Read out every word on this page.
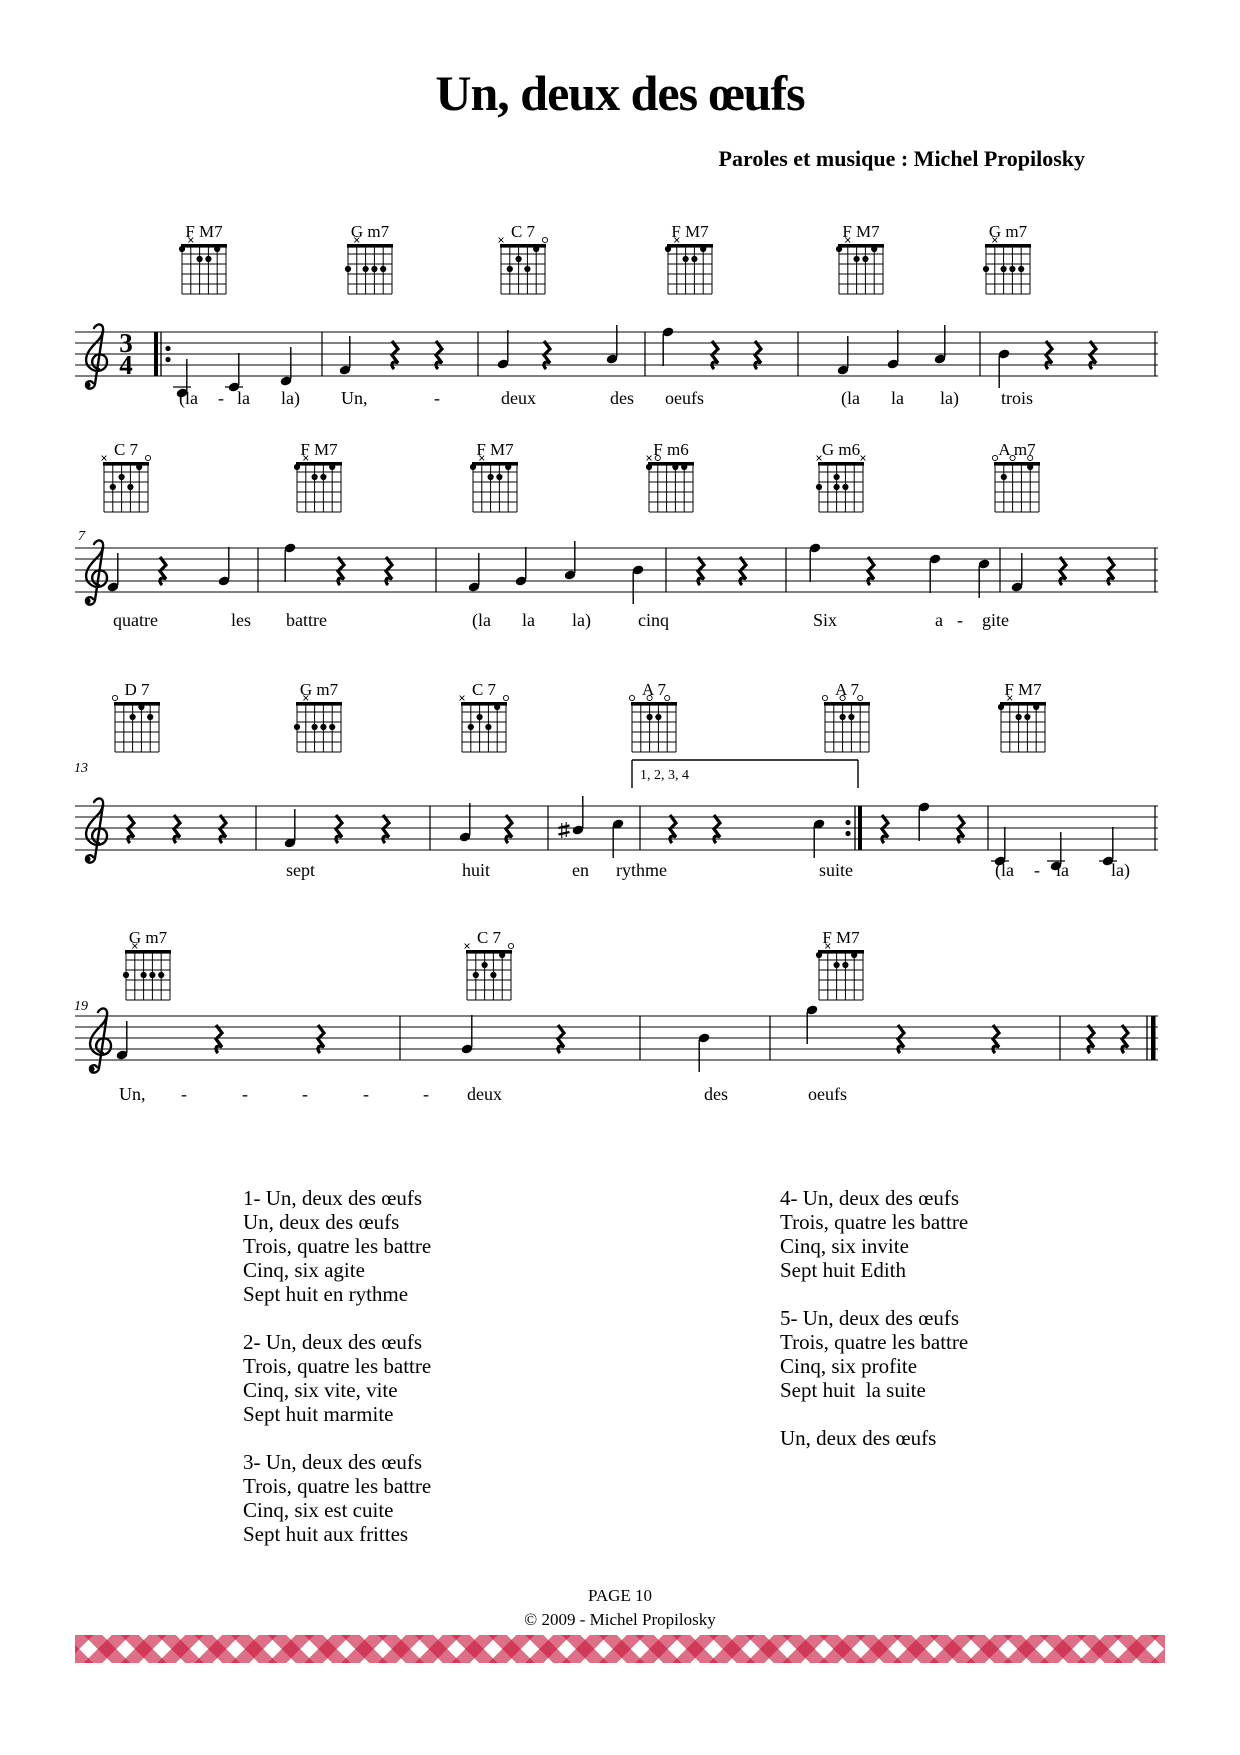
Un, deux des œufs
Paroles et musique : Michel Propilosky
F M7	G m7	C 7	F M7	F M7	G m7
3
4
(la - la la) Un,	-	deux	des oeufs	(la la la) trois
C 7	F M7	F M7	F m6	G m6	A m7
7
quatre	les battre	(la la la)	cinq	Six	a - gite
D 7	G m7	C 7	A 7	A 7	F M7
13	1, 2, 3, 4
sept	huit	en rythme	suite	(la - la la)
G m7	C 7	F M7
19
Un, -	-	-	-	- deux	des	oeufs
1- Un, deux des œufs
Un, deux des œufs
Trois, quatre les battre
Cinq, six agite
Sept huit en rythme

2- Un, deux des œufs
Trois, quatre les battre
Cinq, six vite, vite
Sept huit marmite

3- Un, deux des œufs
Trois, quatre les battre
Cinq, six est cuite
Sept huit aux frittes
4- Un, deux des œufs
Trois, quatre les battre
Cinq, six invite
Sept huit Edith

5- Un, deux des œufs
Trois, quatre les battre
Cinq, six profite
Sept huit  la suite

Un, deux des œufs
PAGE 10
© 2009 - Michel Propilosky
